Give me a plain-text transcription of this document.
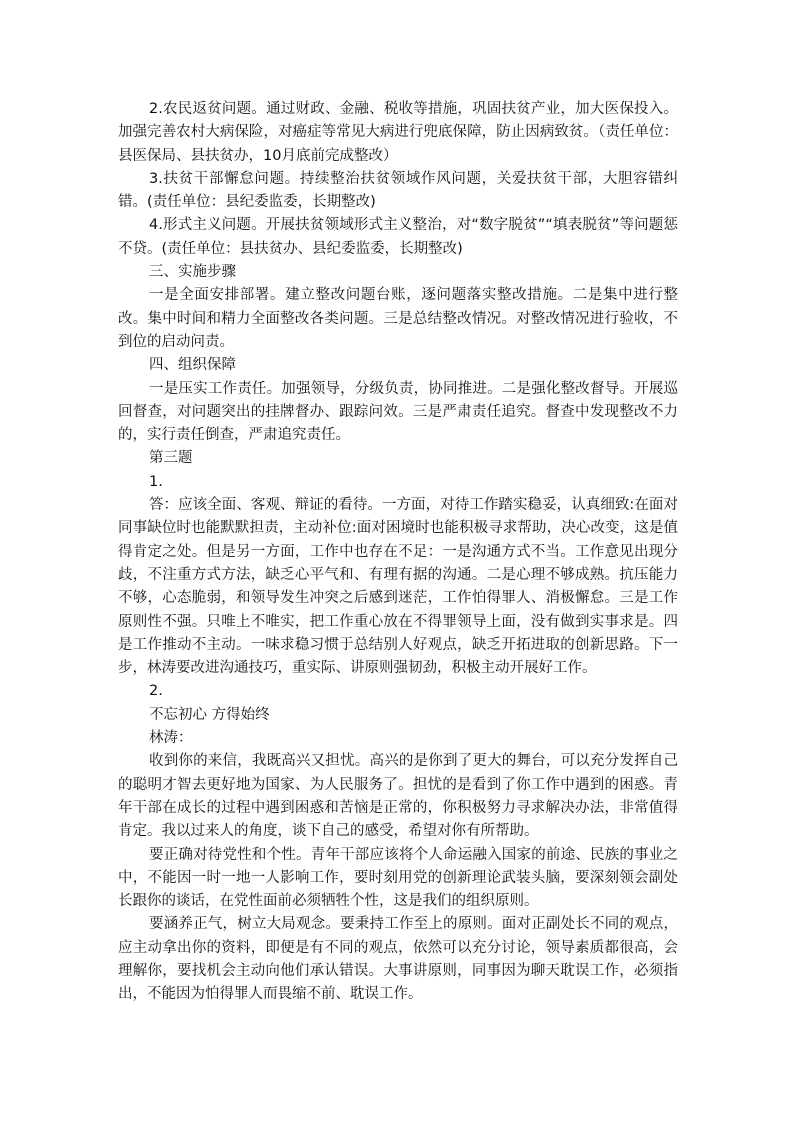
2.农民返贫问题。通过财政、金融、税收等措施，巩固扶贫产业，加大医保投入。加强完善农村大病保险，对癌症等常见大病进行兜底保障，防止因病致贫。（责任单位：县医保局、县扶贫办，10月底前完成整改）

3.扶贫干部懈怠问题。持续整治扶贫领域作风问题，关爱扶贫干部，大胆容错纠错。(责任单位：县纪委监委，长期整改)

4.形式主义问题。开展扶贫领域形式主义整治，对“数字脱贫”“填表脱贫”等问题惩不贷。(责任单位：县扶贫办、县纪委监委，长期整改)

三、实施步骤

一是全面安排部署。建立整改问题台账，逐问题落实整改措施。二是集中进行整改。集中时间和精力全面整改各类问题。三是总结整改情况。对整改情况进行验收，不到位的启动问责。

四、组织保障

一是压实工作责任。加强领导，分级负责，协同推进。二是强化整改督导。开展巡回督查，对问题突出的挂牌督办、跟踪问效。三是严肃责任追究。督查中发现整改不力的，实行责任倒查，严肃追究责任。

第三题

1.

答：应该全面、客观、辩证的看待。一方面，对待工作踏实稳妥，认真细致:在面对同事缺位时也能默默担责，主动补位:面对困境时也能积极寻求帮助，决心改变，这是值得肯定之处。但是另一方面，工作中也存在不足：一是沟通方式不当。工作意见出现分歧，不注重方式方法，缺乏心平气和、有理有据的沟通。二是心理不够成熟。抗压能力不够，心态脆弱，和领导发生冲突之后感到迷茫，工作怕得罪人、消极懈怠。三是工作原则性不强。只唯上不唯实，把工作重心放在不得罪领导上面，没有做到实事求是。四是工作推动不主动。一味求稳习惯于总结别人好观点，缺乏开拓进取的创新思路。下一步，林涛要改进沟通技巧，重实际、讲原则强韧劲，积极主动开展好工作。

2.

不忘初心 方得始终

林涛：

收到你的来信，我既高兴又担忧。高兴的是你到了更大的舞台，可以充分发挥自己的聪明才智去更好地为国家、为人民服务了。担忧的是看到了你工作中遇到的困惑。青年干部在成长的过程中遇到困惑和苦恼是正常的，你积极努力寻求解决办法，非常值得肯定。我以过来人的角度，谈下自己的感受，希望对你有所帮助。

要正确对待党性和个性。青年干部应该将个人命运融入国家的前途、民族的事业之中，不能因一时一地一人影响工作，要时刻用党的创新理论武装头脑，要深刻领会副处长跟你的谈话，在党性面前必须牺牲个性，这是我们的组织原则。

要涵养正气，树立大局观念。要秉持工作至上的原则。面对正副处长不同的观点，应主动拿出你的资料，即便是有不同的观点，依然可以充分讨论，领导素质都很高，会理解你，要找机会主动向他们承认错误。大事讲原则，同事因为聊天耽误工作，必须指出，不能因为怕得罪人而畏缩不前、耽误工作。
